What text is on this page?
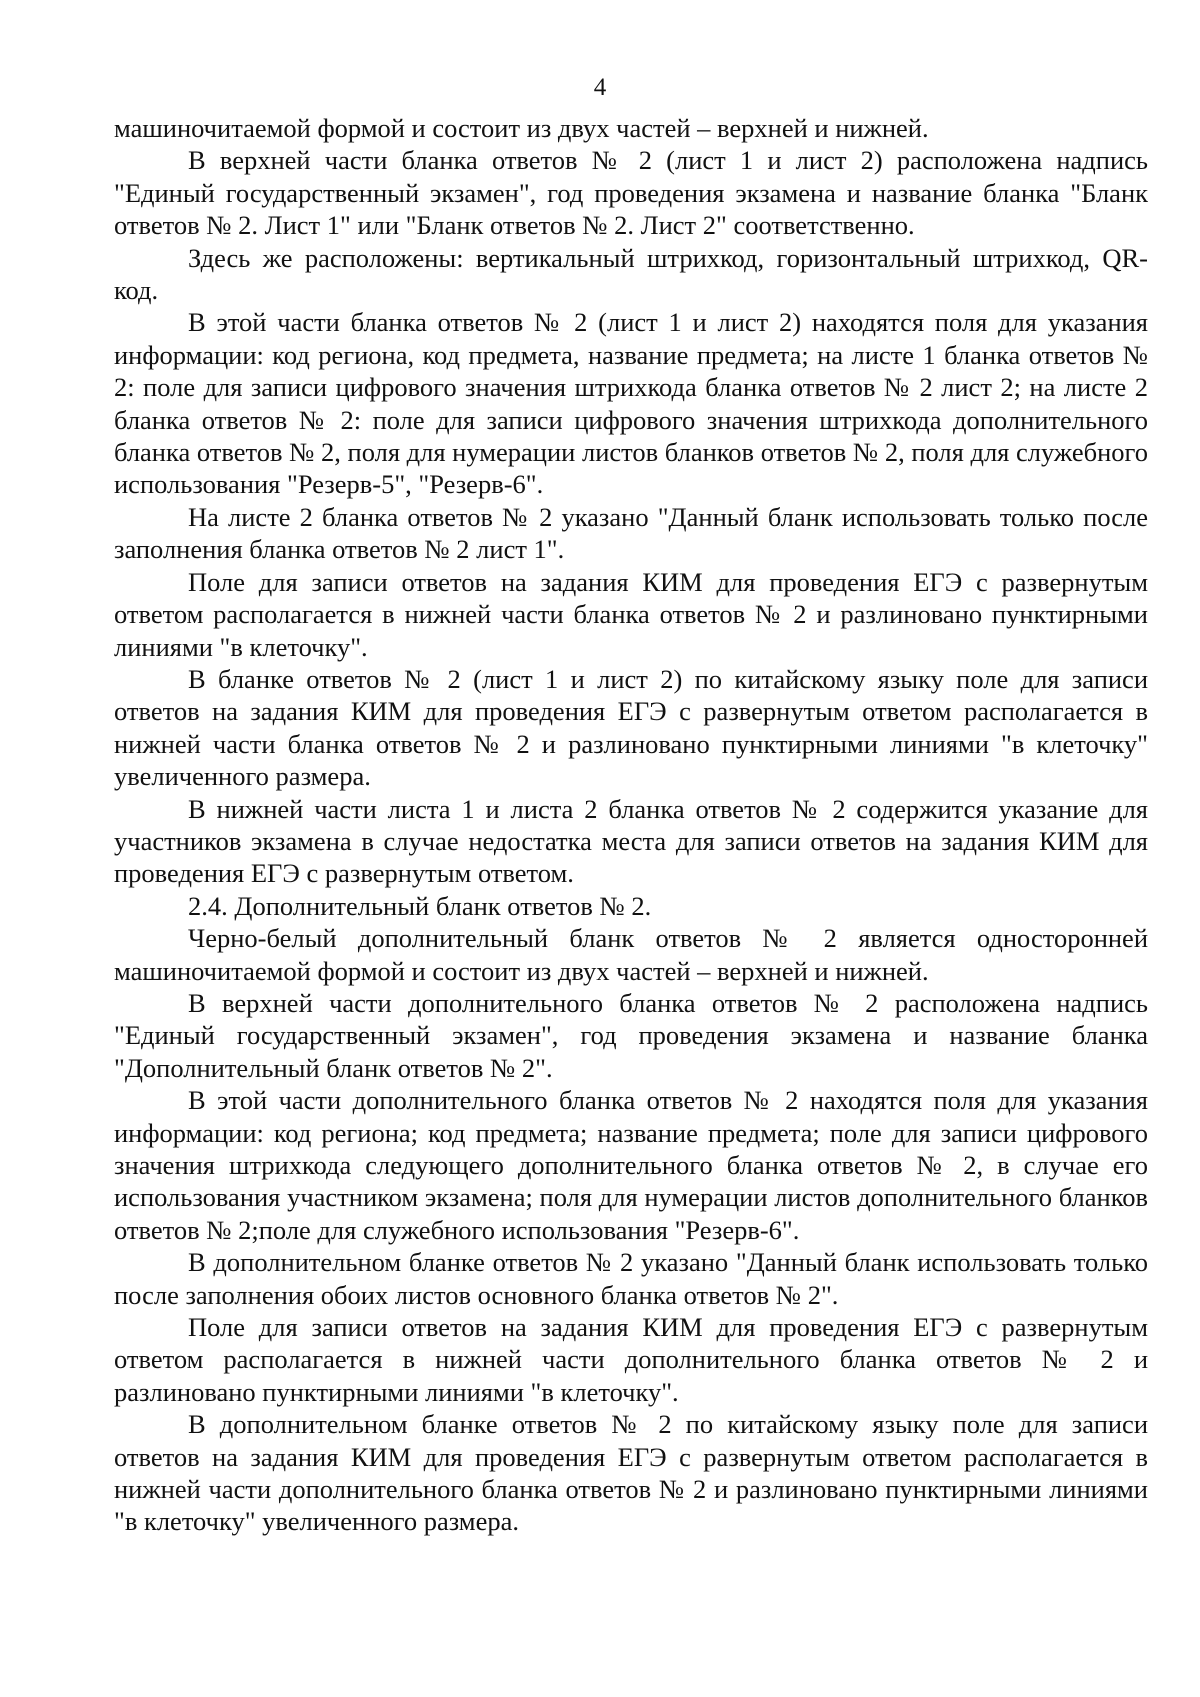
4

машиночитаемой формой и состоит из двух частей – верхней и нижней.

В верхней части бланка ответов № 2 (лист 1 и лист 2) расположена надпись "Единый государственный экзамен", год проведения экзамена и название бланка "Бланк ответов № 2. Лист 1" или "Бланк ответов № 2. Лист 2" соответственно.

Здесь же расположены: вертикальный штрихкод, горизонтальный штрихкод, QR-код.

В этой части бланка ответов № 2 (лист 1 и лист 2) находятся поля для указания информации: код региона, код предмета, название предмета; на листе 1 бланка ответов № 2: поле для записи цифрового значения штрихкода бланка ответов № 2 лист 2; на листе 2 бланка ответов № 2: поле для записи цифрового значения штрихкода дополнительного бланка ответов № 2, поля для нумерации листов бланков ответов № 2, поля для служебного использования "Резерв-5", "Резерв-6".

На листе 2 бланка ответов № 2 указано "Данный бланк использовать только после заполнения бланка ответов № 2 лист 1".

Поле для записи ответов на задания КИМ для проведения ЕГЭ с развернутым ответом располагается в нижней части бланка ответов № 2 и разлиновано пунктирными линиями "в клеточку".

В бланке ответов № 2 (лист 1 и лист 2) по китайскому языку поле для записи ответов на задания КИМ для проведения ЕГЭ с развернутым ответом располагается в нижней части бланка ответов № 2 и разлиновано пунктирными линиями "в клеточку" увеличенного размера.

В нижней части листа 1 и листа 2 бланка ответов № 2 содержится указание для участников экзамена в случае недостатка места для записи ответов на задания КИМ для проведения ЕГЭ с развернутым ответом.

2.4. Дополнительный бланк ответов № 2.

Черно-белый дополнительный бланк ответов № 2 является односторонней машиночитаемой формой и состоит из двух частей – верхней и нижней.

В верхней части дополнительного бланка ответов № 2 расположена надпись "Единый государственный экзамен", год проведения экзамена и название бланка "Дополнительный бланк ответов № 2".

В этой части дополнительного бланка ответов № 2 находятся поля для указания информации: код региона; код предмета; название предмета; поле для записи цифрового значения штрихкода следующего дополнительного бланка ответов № 2, в случае его использования участником экзамена; поля для нумерации листов дополнительного бланков ответов № 2;поле для служебного использования "Резерв-6".

В дополнительном бланке ответов № 2 указано "Данный бланк использовать только после заполнения обоих листов основного бланка ответов № 2".

Поле для записи ответов на задания КИМ для проведения ЕГЭ с развернутым ответом располагается в нижней части дополнительного бланка ответов № 2 и разлиновано пунктирными линиями "в клеточку".

В дополнительном бланке ответов № 2 по китайскому языку поле для записи ответов на задания КИМ для проведения ЕГЭ с развернутым ответом располагается в нижней части дополнительного бланка ответов № 2 и разлиновано пунктирными линиями "в клеточку" увеличенного размера.
